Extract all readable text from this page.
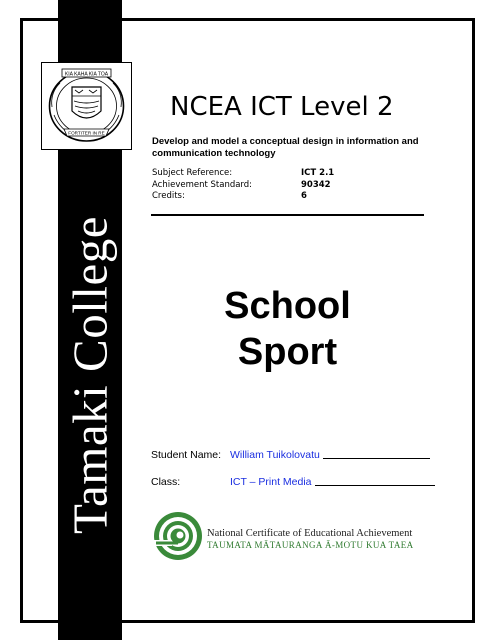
Tamaki College
KIA KAHA KIA TOA
FORTITER IN RE
NCEA ICT Level 2
Develop and model a conceptual design in information and communication technology
Subject Reference:	ICT 2.1
Achievement Standard:	90342
Credits:	6
School
Sport
Student Name: William Tuikolovatu
Class:	ICT – Print Media
National Certificate of Educational Achievement
TAUMATA MĀTAURANGA Ā-MOTU KUA TAEA
